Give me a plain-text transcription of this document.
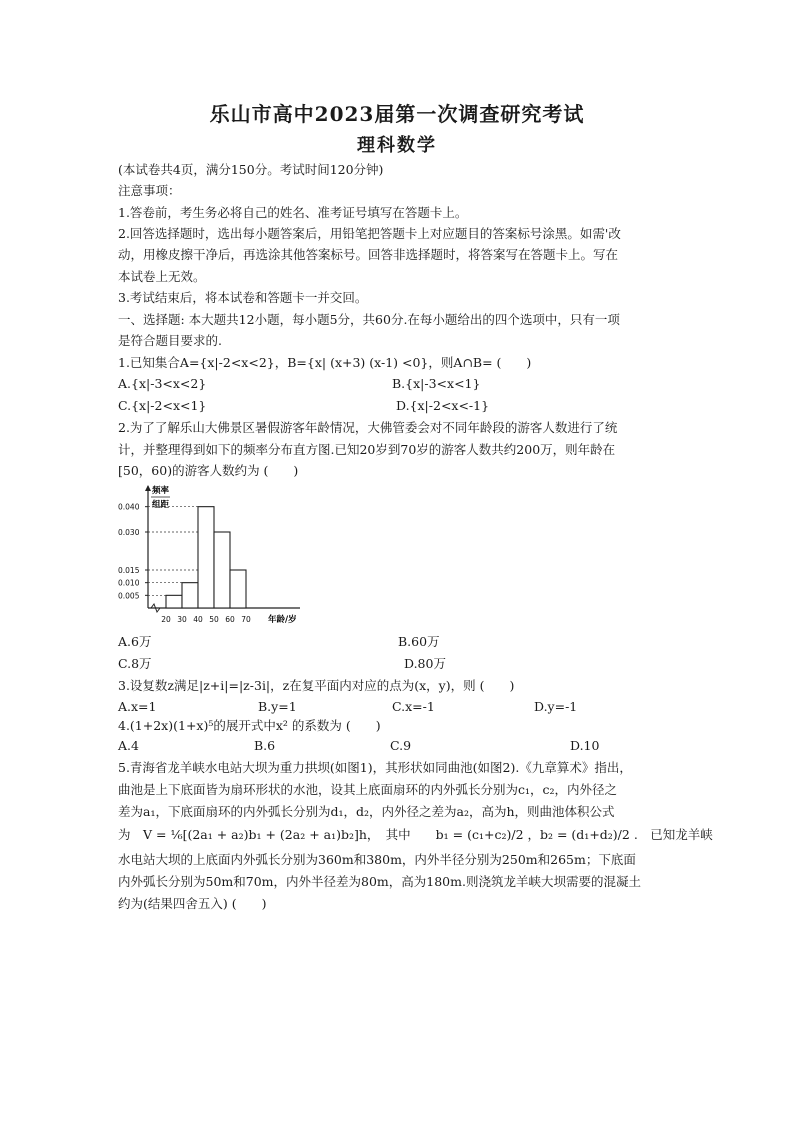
乐山市高中2023届第一次调查研究考试
理科数学
(本试卷共4页，满分150分。考试时间120分钟)
注意事项：
1.答卷前，考生务必将自己的姓名、准考证号填写在答题卡上。
2.回答选择题时，选出每小题答案后，用铅笔把答题卡上对应题目的答案标号涂黑。如需'改
动，用橡皮擦干净后，再选涂其他答案标号。回答非选择题时，将答案写在答题卡上。写在
本试卷上无效。
3.考试结束后，将本试卷和答题卡一并交回。
一、选择题: 本大题共12小题，每小题5分，共60分.在每小题给出的四个选项中，只有一项
是符合题目要求的.
1.已知集合A={x|-2<x<2}，B={x| (x+3) (x-1) <0}，则A∩B= (　　)
A.{x|-3<x<2}	B.{x|-3<x<1}
C.{x|-2<x<1}	D.{x|-2<x<-1}
2.为了了解乐山大佛景区暑假游客年龄情况，大佛管委会对不同年龄段的游客人数进行了统
计，并整理得到如下的频率分布直方图.已知20岁到70岁的游客人数共约200万，则年龄在
[50，60)的游客人数约为 (　　)
频率
组距
年龄/岁
0.040
0.030
0.015
0.010
0.005
20 30 40 50 60 70
A.6万	B.60万
C.8万	D.80万
3.设复数z满足|z+i|=|z-3i|，z在复平面内对应的点为(x，y)，则 (　　)
A.x=1	B.y=1	C.x=-1	D.y=-1
4.(1+2x)(1+x)⁵的展开式中x² 的系数为 (　　)
A.4	B.6	C.9	D.10
5.青海省龙羊峡水电站大坝为重力拱坝(如图1)，其形状如同曲池(如图2).《九章算术》指出，
曲池是上下底面皆为扇环形状的水池，设其上底面扇环的内外弧长分别为c₁，c₂，内外径之
差为a₁，下底面扇环的内外弧长分别为d₁，d₂，内外径之差为a₂，高为h，则曲池体积公式
为　V = ⅙[(2a₁ + a₂)b₁ + (2a₂ + a₁)b₂]h，　其中　　b₁ = (c₁+c₂)/2 ，b₂ = (d₁+d₂)/2 .　已知龙羊峡
水电站大坝的上底面内外弧长分别为360m和380m，内外半径分别为250m和265m；下底面
内外弧长分别为50m和70m，内外半径差为80m，高为180m.则浇筑龙羊峡大坝需要的混凝土
约为(结果四舍五入) (　　)
